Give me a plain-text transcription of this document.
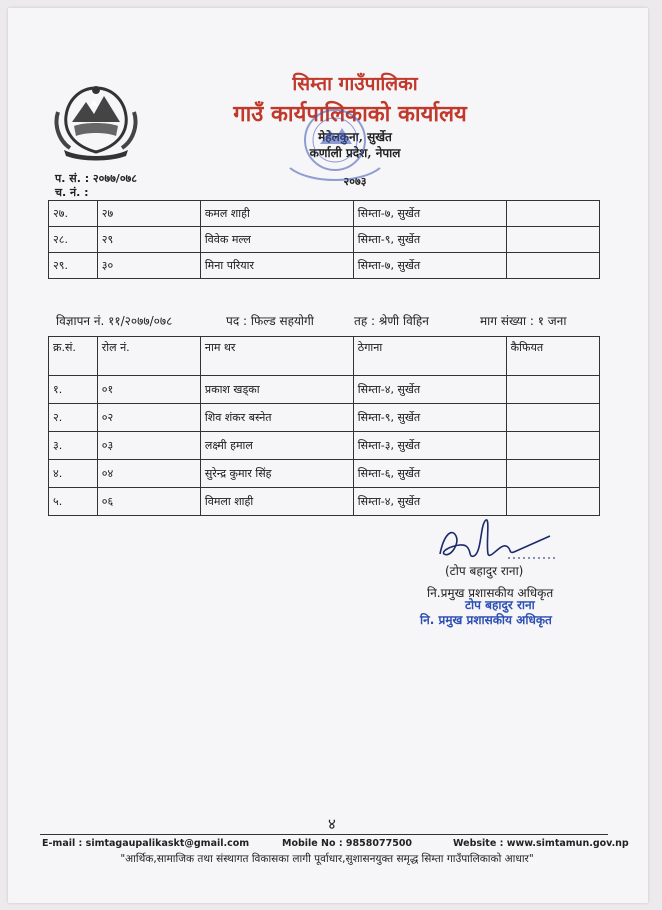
सिम्ता गाउँपालिका
गाउँ कार्यपालिकाको कार्यालय
मेहेलकुना, सुर्खेत
कर्णाली प्रदेश, नेपाल
२०७३
प. सं. : २०७७/०७८
च. नं. :
२७.	२७	कमल शाही	सिम्ता-७, सुर्खेत	
२८.	२९	विवेक मल्ल	सिम्ता-९, सुर्खेत	
२९.	३०	मिना परियार	सिम्ता-७, सुर्खेत	
विज्ञापन नं. ११/२०७७/०७८	पद : फिल्ड सहयोगी	तह : श्रेणी विहिन	माग संख्या : १ जना
क्र.सं.	रोल नं.	नाम थर	ठेगाना	कैफियत
१.	०१	प्रकाश खड्का	सिम्ता-४, सुर्खेत	
२.	०२	शिव शंकर बस्नेत	सिम्ता-९, सुर्खेत	
३.	०३	लक्ष्मी हमाल	सिम्ता-३, सुर्खेत	
४.	०४	सुरेन्द्र कुमार सिंह	सिम्ता-६, सुर्खेत	
५.	०६	विमला शाही	सिम्ता-४, सुर्खेत	
(टोप बहादुर राना)
नि.प्रमुख प्रशासकीय अधिकृत
टोप बहादुर राना
नि. प्रमुख प्रशासकीय अधिकृत
४
E-mail : simtagaupalikaskt@gmail.com	Mobile No : 9858077500	Website : www.simtamun.gov.np
"आर्थिक,सामाजिक तथा संस्थागत विकासका लागी पूर्वाधार,सुशासनयुक्त समृद्ध सिम्ता गाउँपालिकाको आधार"
